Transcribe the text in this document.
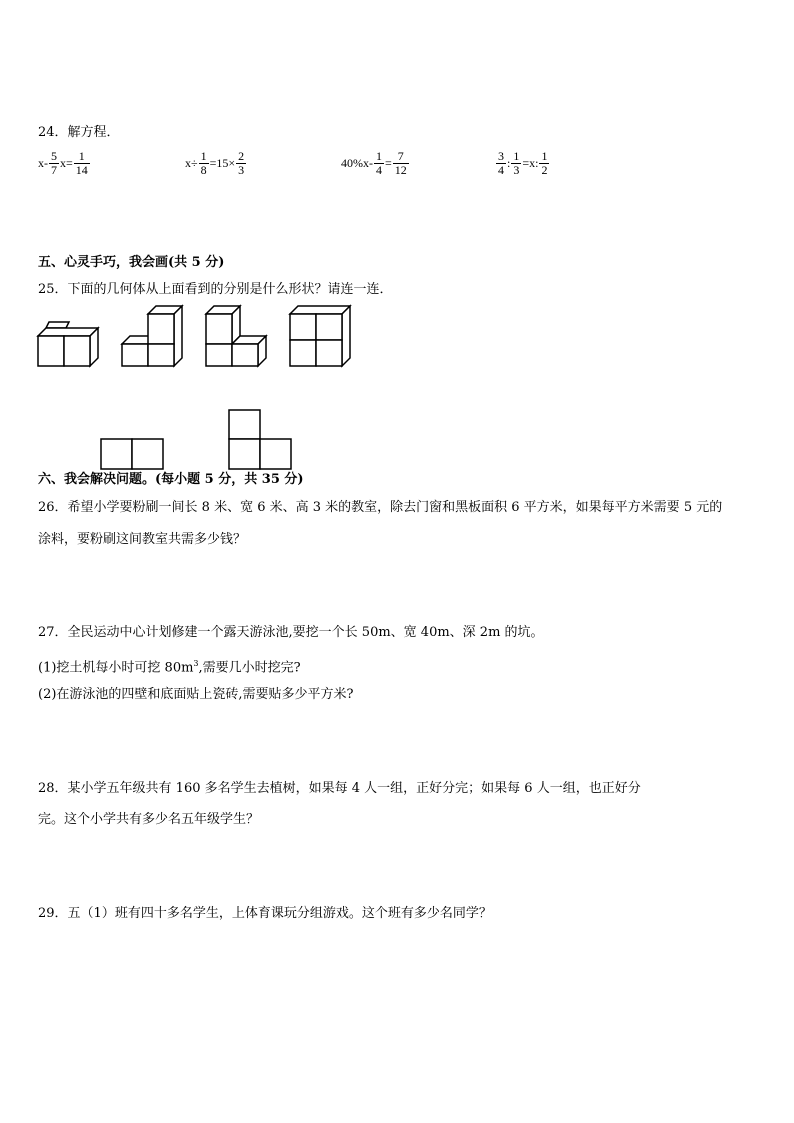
24．解方程．
$x- \frac{5}{7} x= \frac{1}{14}$	$x\div \frac{1}{8} =15\times \frac{2}{3}$	$40\%x- \frac{1}{4} = \frac{7}{12}$	$\frac{3}{4}$ : $\frac{1}{3} =x$: $\frac{1}{2}$
五、心灵手巧，我会画(共 5 分)
25．下面的几何体从上面看到的分别是什么形状？请连一连．
六、我会解决问题。(每小题 5 分，共 35 分)
26．希望小学要粉刷一间长 8 米、宽 6 米、高 3 米的教室，除去门窗和黑板面积 6 平方米，如果每平方米需要 5 元的
涂料，要粉刷这间教室共需多少钱？
27．全民运动中心计划修建一个露天游泳池,要挖一个长 50m、宽 40m、深 2m 的坑。
(1)挖土机每小时可挖 $80m^3$,需要几小时挖完?
(2)在游泳池的四壁和底面贴上瓷砖,需要贴多少平方米?
28．某小学五年级共有 160 多名学生去植树，如果每 4 人一组，正好分完；如果每 6 人一组，也正好分
完。这个小学共有多少名五年级学生？
29．五（1）班有四十多名学生，上体育课玩分组游戏。这个班有多少名同学？
